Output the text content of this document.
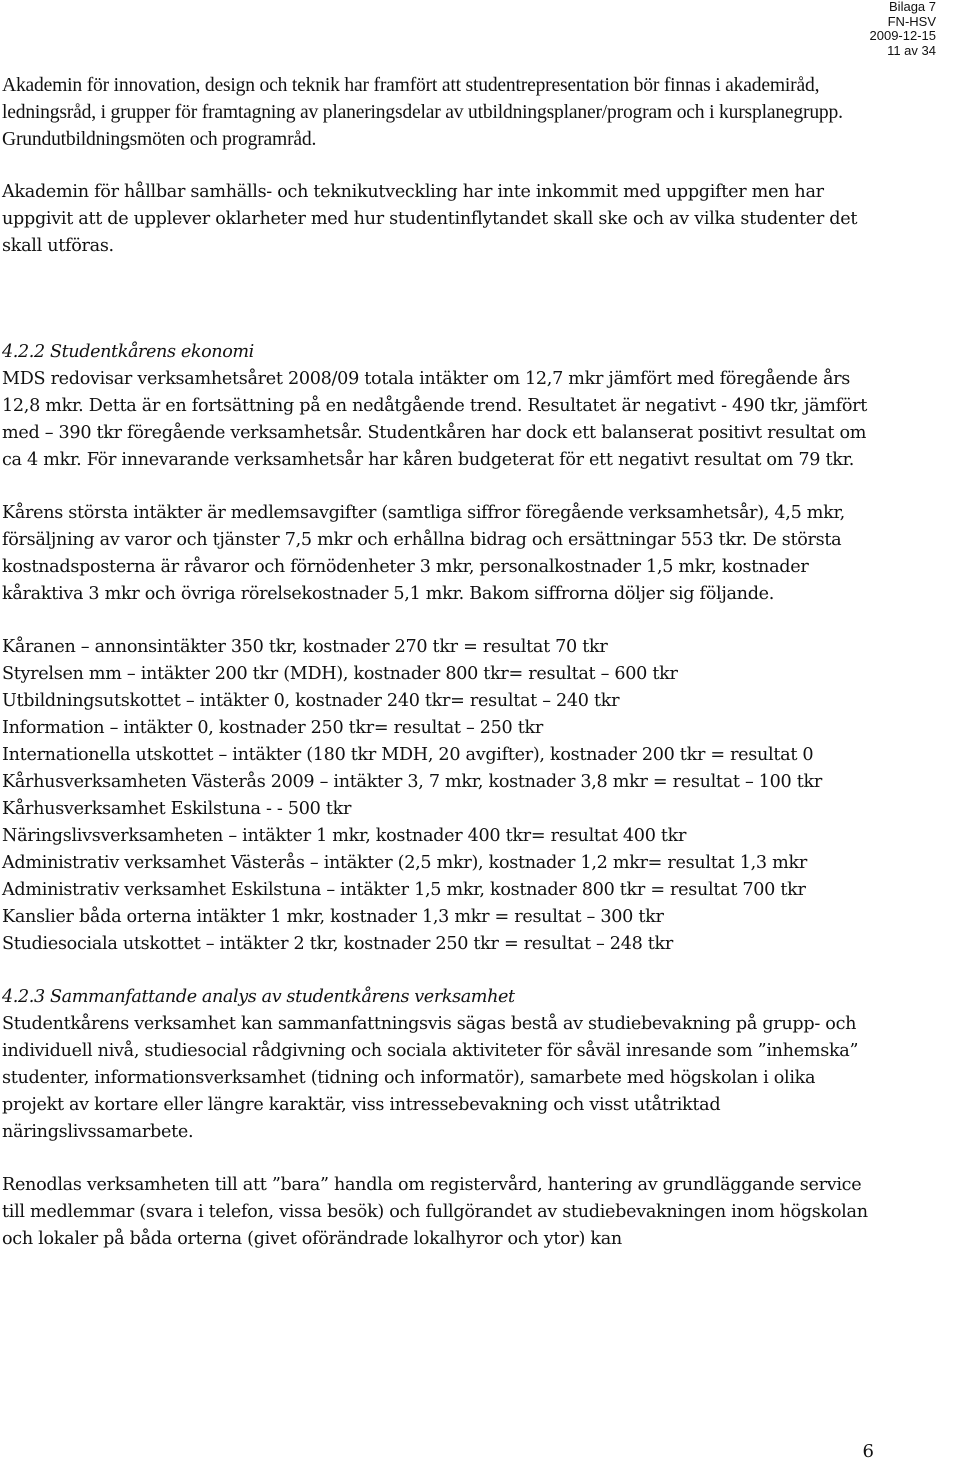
Bilaga 7
FN-HSV
2009-12-15
11 av 34

Akademin för innovation, design och teknik har framfört att studentrepresentation bör finnas i akademiråd, ledningsråd, i grupper för framtagning av planeringsdelar av utbildningsplaner/program och i kursplanegrupp. Grundutbildningsmöten och programråd.

Akademin för hållbar samhälls- och teknikutveckling har inte inkommit med uppgifter men har uppgivit att de upplever oklarheter med hur studentinflytandet skall ske och av vilka studenter det skall utföras.

4.2.2 Studentkårens ekonomi

MDS redovisar verksamhetsåret 2008/09 totala intäkter om 12,7 mkr jämfört med föregående års 12,8 mkr. Detta är en fortsättning på en nedåtgående trend. Resultatet är negativt - 490 tkr, jämfört med – 390 tkr föregående verksamhetsår. Studentkåren har dock ett balanserat positivt resultat om ca 4 mkr. För innevarande verksamhetsår har kåren budgeterat för ett negativt resultat om 79 tkr.

Kårens största intäkter är medlemsavgifter (samtliga siffror föregående verksamhetsår), 4,5 mkr, försäljning av varor och tjänster 7,5 mkr och erhållna bidrag och ersättningar 553 tkr. De största kostnadsposterna är råvaror och förnödenheter 3 mkr, personalkostnader 1,5 mkr, kostnader kåraktiva 3 mkr och övriga rörelsekostnader 5,1 mkr. Bakom siffrorna döljer sig följande.

Kåranen – annonsintäkter 350 tkr, kostnader 270 tkr = resultat 70 tkr
Styrelsen mm – intäkter 200 tkr (MDH), kostnader 800 tkr= resultat – 600 tkr
Utbildningsutskottet – intäkter 0, kostnader 240 tkr= resultat – 240 tkr
Information – intäkter 0, kostnader 250 tkr= resultat – 250 tkr
Internationella utskottet – intäkter (180 tkr MDH, 20 avgifter), kostnader 200 tkr = resultat 0
Kårhusverksamheten Västerås 2009 – intäkter 3, 7 mkr, kostnader 3,8 mkr = resultat – 100 tkr
Kårhusverksamhet Eskilstuna - - 500 tkr
Näringslivsverksamheten – intäkter 1 mkr, kostnader 400 tkr= resultat 400 tkr
Administrativ verksamhet Västerås – intäkter (2,5 mkr), kostnader 1,2 mkr= resultat 1,3 mkr
Administrativ verksamhet Eskilstuna – intäkter 1,5 mkr, kostnader 800 tkr = resultat 700 tkr
Kanslier båda orterna intäkter 1 mkr, kostnader 1,3 mkr = resultat – 300 tkr
Studiesociala utskottet – intäkter 2 tkr, kostnader 250 tkr = resultat – 248 tkr

4.2.3 Sammanfattande analys av studentkårens verksamhet

Studentkårens verksamhet kan sammanfattningsvis sägas bestå av studiebevakning på grupp- och individuell nivå, studiesocial rådgivning och sociala aktiviteter för såväl inresande som ”inhemska” studenter, informationsverksamhet (tidning och informatör), samarbete med högskolan i olika projekt av kortare eller längre karaktär, viss intressebevakning och visst utåtriktad näringslivssamarbete.

Renodlas verksamheten till att ”bara” handla om registervård, hantering av grundläggande service till medlemmar (svara i telefon, vissa besök) och fullgörandet av studiebevakningen inom högskolan och lokaler på båda orterna (givet oförändrade lokalhyror och ytor) kan

6
